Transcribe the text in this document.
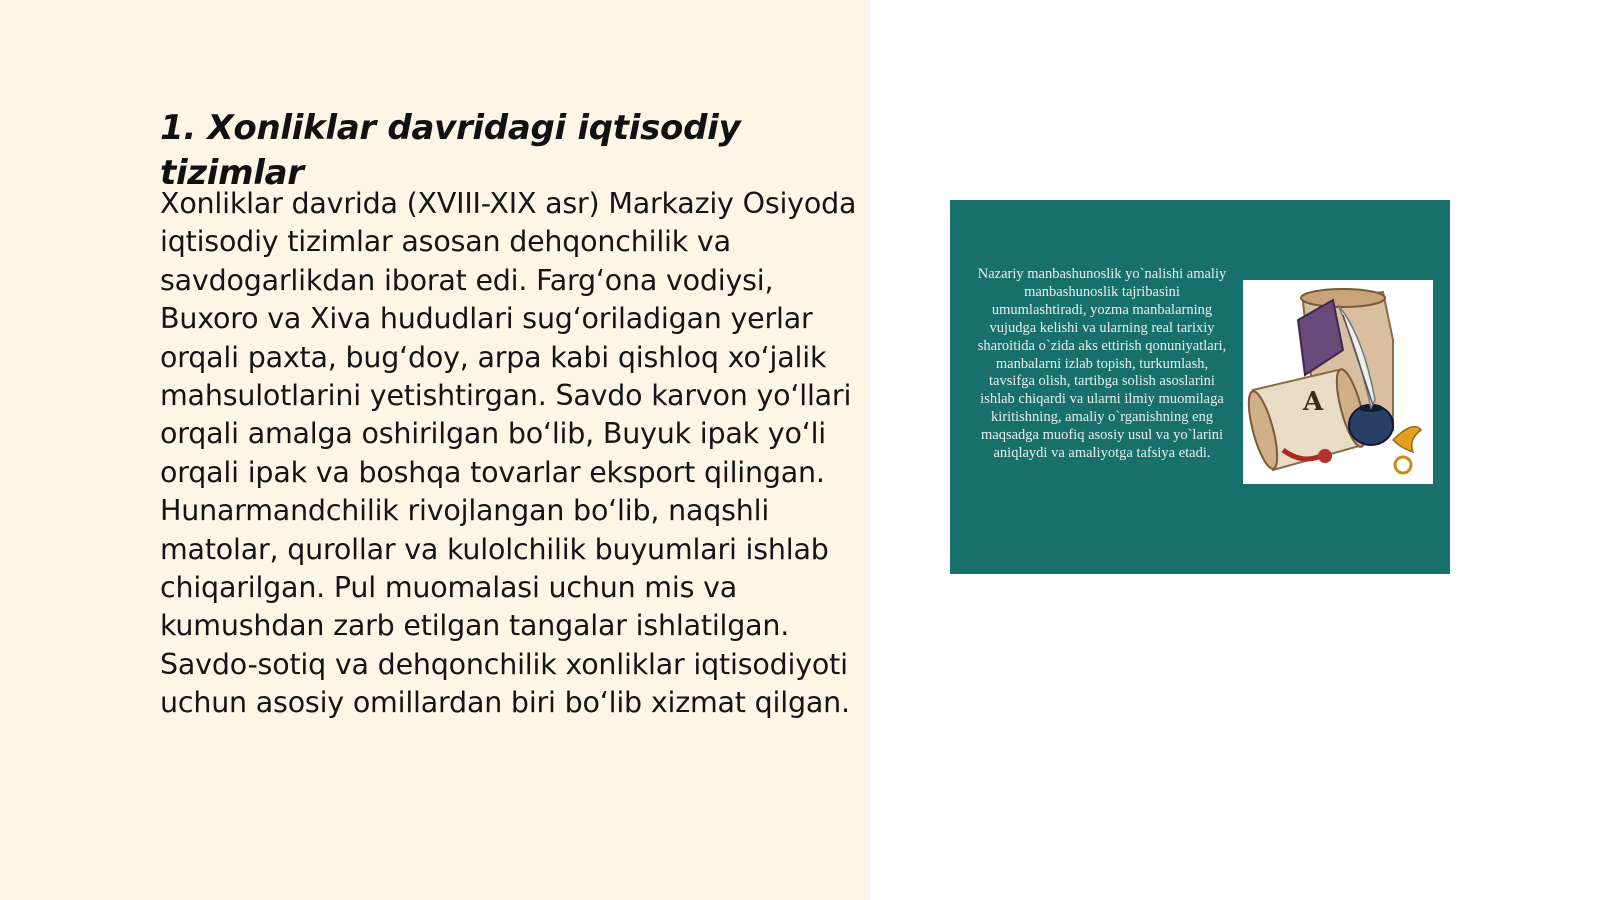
1. Xonliklar davridagi iqtisodiy tizimlar

Xonliklar davrida (XVIII-XIX asr) Markaziy Osiyoda iqtisodiy tizimlar asosan dehqonchilik va savdogarlikdan iborat edi. Farg‘ona vodiysi, Buxoro va Xiva hududlari sug‘oriladigan yerlar orqali paxta, bug‘doy, arpa kabi qishloq xo‘jalik mahsulotlarini yetishtirgan. Savdo karvon yo‘llari orqali amalga oshirilgan bo‘lib, Buyuk ipak yo‘li orqali ipak va boshqa tovarlar eksport qilingan. Hunarmandchilik rivojlangan bo‘lib, naqshli matolar, qurollar va kulolchilik buyumlari ishlab chiqarilgan. Pul muomalasi uchun mis va kumushdan zarb etilgan tangalar ishlatilgan. Savdo-sotiq va dehqonchilik xonliklar iqtisodiyoti uchun asosiy omillardan biri bo‘lib xizmat qilgan.

Nazariy manbashunoslik yo`nalishi amaliy manbashunoslik tajribasini umumlashtiradi, yozma manbalarning vujudga kelishi va ularning real tarixiy sharoitida o`zida aks ettirish qonuniyatlari, manbalarni izlab topish, turkumlash, tavsifga olish, tartibga solish asoslarini ishlab chiqardi va ularni ilmiy muomilaga kiritishning, amaliy o`rganishning eng maqsadga muofiq asosiy usul va yo`larini aniqlaydi va amaliyotga tafsiya etadi.
A
